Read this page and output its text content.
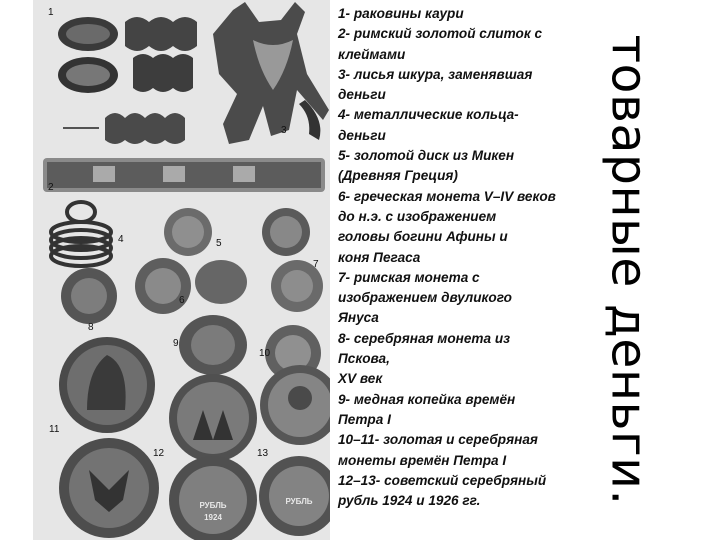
1
2
3
4	5
6
7
8
9
10
11
12	13
РУБЛЬ	РУБЛЬ
1924
1- раковины каури
2- римский золотой слиток с
клеймами
3- лисья шкура, заменявшая
деньги
4- металлические кольца-
деньги
5- золотой диск из Микен
(Древняя Греция)
6- греческая монета V–IV веков
до н.э. с изображением
головы богини Афины и
коня Пегаса
7- римская монета с
изображением двуликого
Януса
8- серебряная монета из
Пскова,
XV век
9- медная копейка времён
Петра I
10–11- золотая и серебряная
монеты времён Петра I
12–13- советский серебряный
рубль 1924 и 1926 гг.	товарные деньги.
